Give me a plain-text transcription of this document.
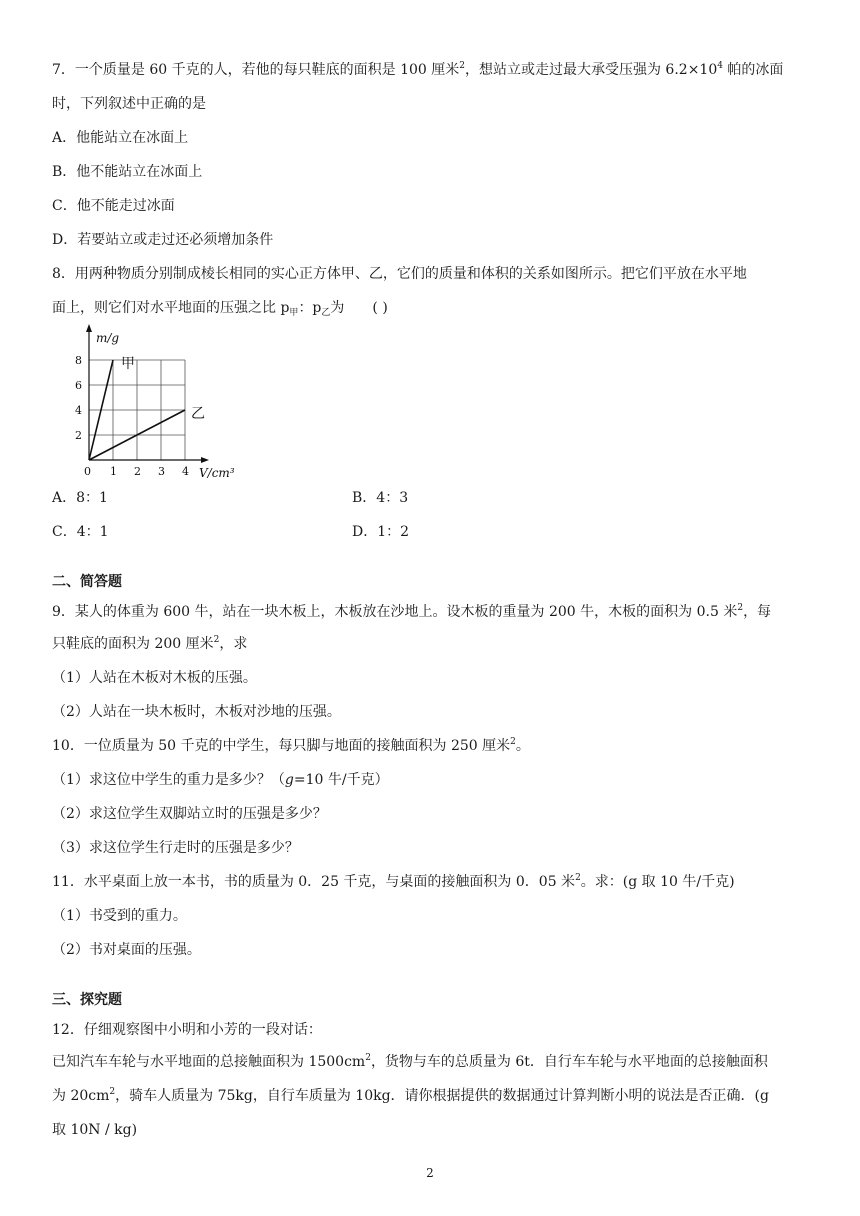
7．一个质量是 60 千克的人，若他的每只鞋底的面积是 100 厘米$^2$，想站立或走过最大承受压强为 $6.2\times 10^4$ 帕的冰面
时，下列叙述中正确的是
A．他能站立在冰面上
B．他不能站立在冰面上
C．他不能走过冰面
D．若要站立或走过还必须增加条件
8．用两种物质分别制成棱长相同的实心正方体甲、乙，它们的质量和体积的关系如图所示。把它们平放在水平地
面上，则它们对水平地面的压强之比 $p_甲$：$p_乙$为 ( )
0 1 2 3 4
2
4
6
8
m/g
V/cm³
甲
乙
A．8：1	B．4：3
C．4：1	D．1：2
二、简答题
9．某人的体重为 600 牛，站在一块木板上，木板放在沙地上。设木板的重量为 200 牛，木板的面积为 0.5 米$^2$，每
只鞋底的面积为 200 厘米$^2$，求
（1）人站在木板对木板的压强。
（2）人站在一块木板时，木板对沙地的压强。
10．一位质量为 50 千克的中学生，每只脚与地面的接触面积为 250 厘米$^2$。
（1）求这位中学生的重力是多少？（g=10 牛/千克）
（2）求这位学生双脚站立时的压强是多少？
（3）求这位学生行走时的压强是多少？
11．水平桌面上放一本书，书的质量为 0．25 千克，与桌面的接触面积为 0．05 米$^2$。求：(g 取 10 牛/千克)
（1）书受到的重力。
（2）书对桌面的压强。
三、探究题
12．仔细观察图中小明和小芳的一段对话：
已知汽车车轮与水平地面的总接触面积为 $1500cm^2$，货物与车的总质量为 6t．自行车车轮与水平地面的总接触面积
为 $20cm^2$，骑车人质量为 75kg，自行车质量为 10kg．请你根据提供的数据通过计算判断小明的说法是否正确．(g
取 10N / kg)
2
